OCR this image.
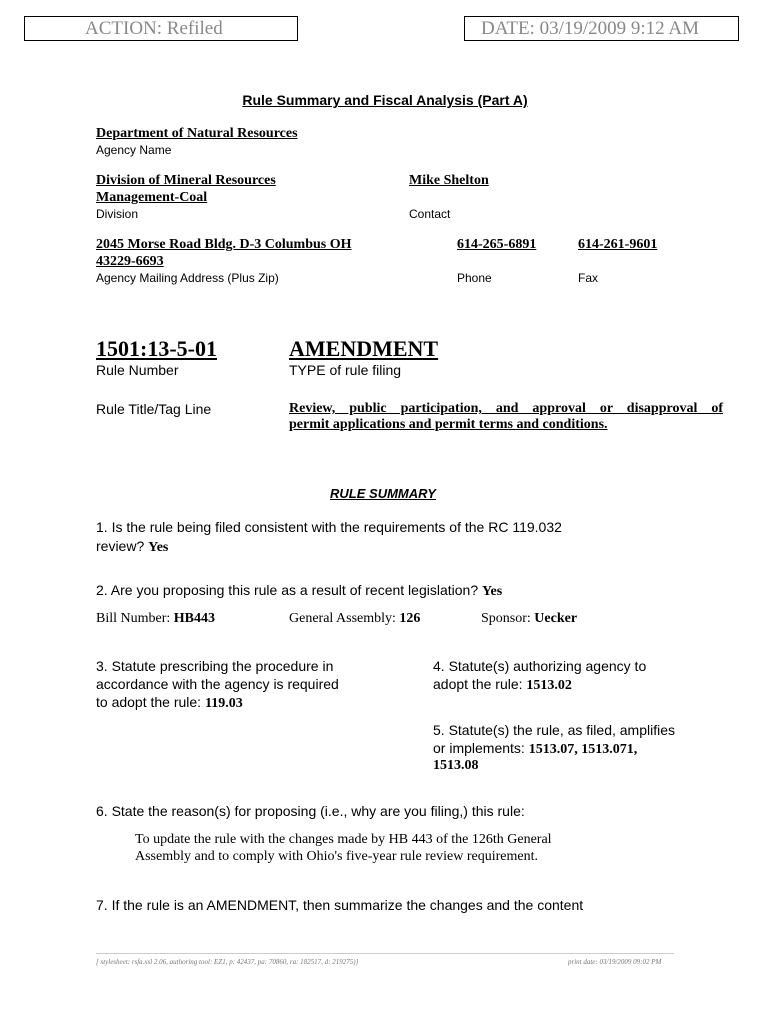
ACTION: Refiled	DATE: 03/19/2009 9:12 AM
Rule Summary and Fiscal Analysis (Part A)
Department of Natural Resources
Agency Name
Division of Mineral Resources
Management-Coal
Division
Mike Shelton
Contact
2045 Morse Road Bldg. D-3 Columbus OH
43229-6693
Agency Mailing Address (Plus Zip)
614-265-6891
Phone
614-261-9601
Fax
1501:13-5-01
Rule Number
AMENDMENT
TYPE of rule filing
Rule Title/Tag Line	Review, public participation, and approval or disapproval of
permit applications and permit terms and conditions.
RULE SUMMARY
1. Is the rule being filed consistent with the requirements of the RC 119.032
review? Yes
2. Are you proposing this rule as a result of recent legislation? Yes
Bill Number: HB443	General Assembly: 126	Sponsor: Uecker
3. Statute prescribing the procedure in
accordance with the agency is required
to adopt the rule: 119.03
4. Statute(s) authorizing agency to
adopt the rule: 1513.02
5. Statute(s) the rule, as filed, amplifies
or implements: 1513.07, 1513.071,
1513.08
6. State the reason(s) for proposing (i.e., why are you filing,) this rule:
To update the rule with the changes made by HB 443 of the 126th General
Assembly and to comply with Ohio's five-year rule review requirement.
7. If the rule is an AMENDMENT, then summarize the changes and the content
[ stylesheet: rsfa.xsl 2.06, authoring tool: EZ1, p: 42437, pa: 70860, ra: 182517, d: 219275)]	print date: 03/19/2009 09:02 PM
